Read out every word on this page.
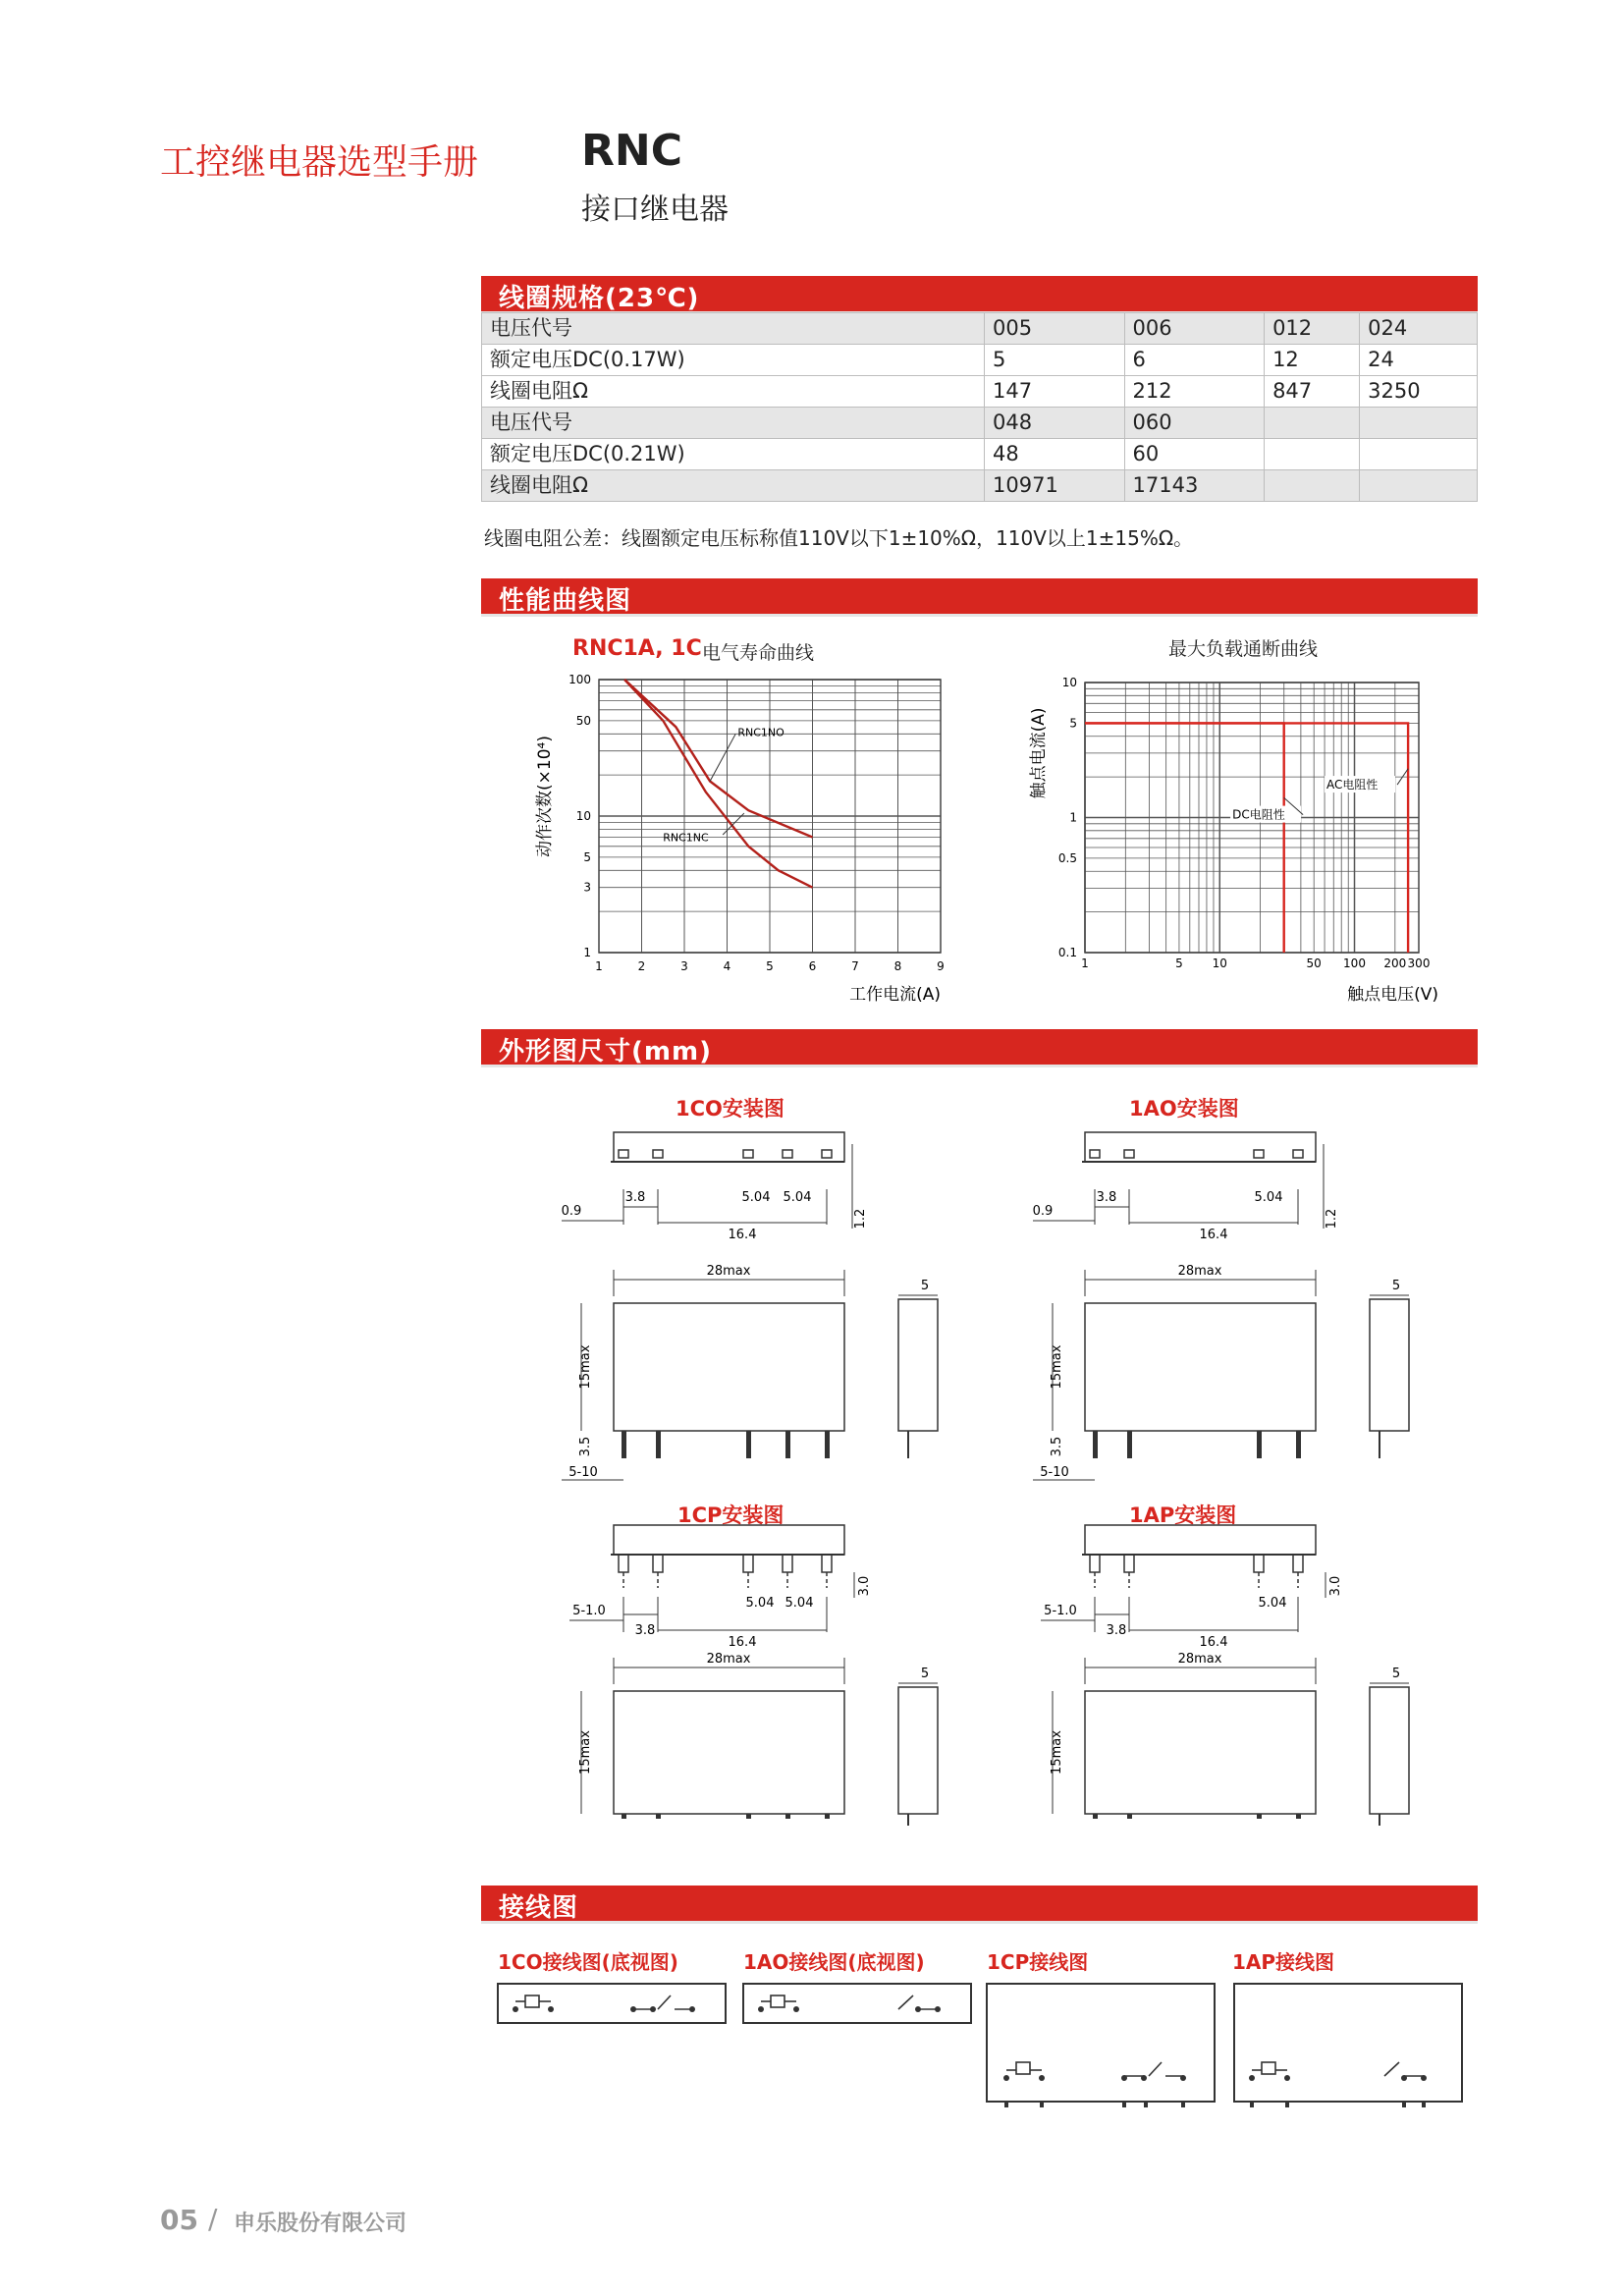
工控继电器选型手册 RNC
接口继电器
线圈规格(23℃)
电压代号	005	006	012	024
额定电压DC(0.17W)	5	6	12	24
线圈电阻Ω	147	212	847	3250
电压代号	048	060		
额定电压DC(0.21W)	48	60		
线圈电阻Ω	10971	17143		
线圈电阻公差：线圈额定电压标称值110V以下1±10%Ω，110V以上1±15%Ω。
性能曲线图
RNC1A, 1C 电气寿命曲线	最大负载通断曲线
1	2	3	4	5	6	7	8	9
100
50
10
5
3
1
工作电流(A)
动作次数(×10⁴)
RNC1NO
RNC1NC
1	5 10	50 100 200 300
10
5
1
0.5
0.1
触点电压(V)
触点电流(A)	AC电阻性
DC电阻性
外形图尺寸(mm)
1CO安装图	1AO安装图
1CP安装图	1AP安装图
3.8	5.04 5.04
0.9
16.4
1.2
28max
5
15max
3.5
5-10
3.8	5.04
0.9
16.4
1.2
28max
5
15max
3.5
5-10
5-1.0
3.8
5.04 5.04
16.4
3.0
28max
5
15max
5-1.0
3.8
5.04
16.4
3.0
28max
5
15max
接线图
1CO接线图(底视图)	1AO接线图(底视图)	1CP接线图	1AP接线图
05 / 申乐股份有限公司
